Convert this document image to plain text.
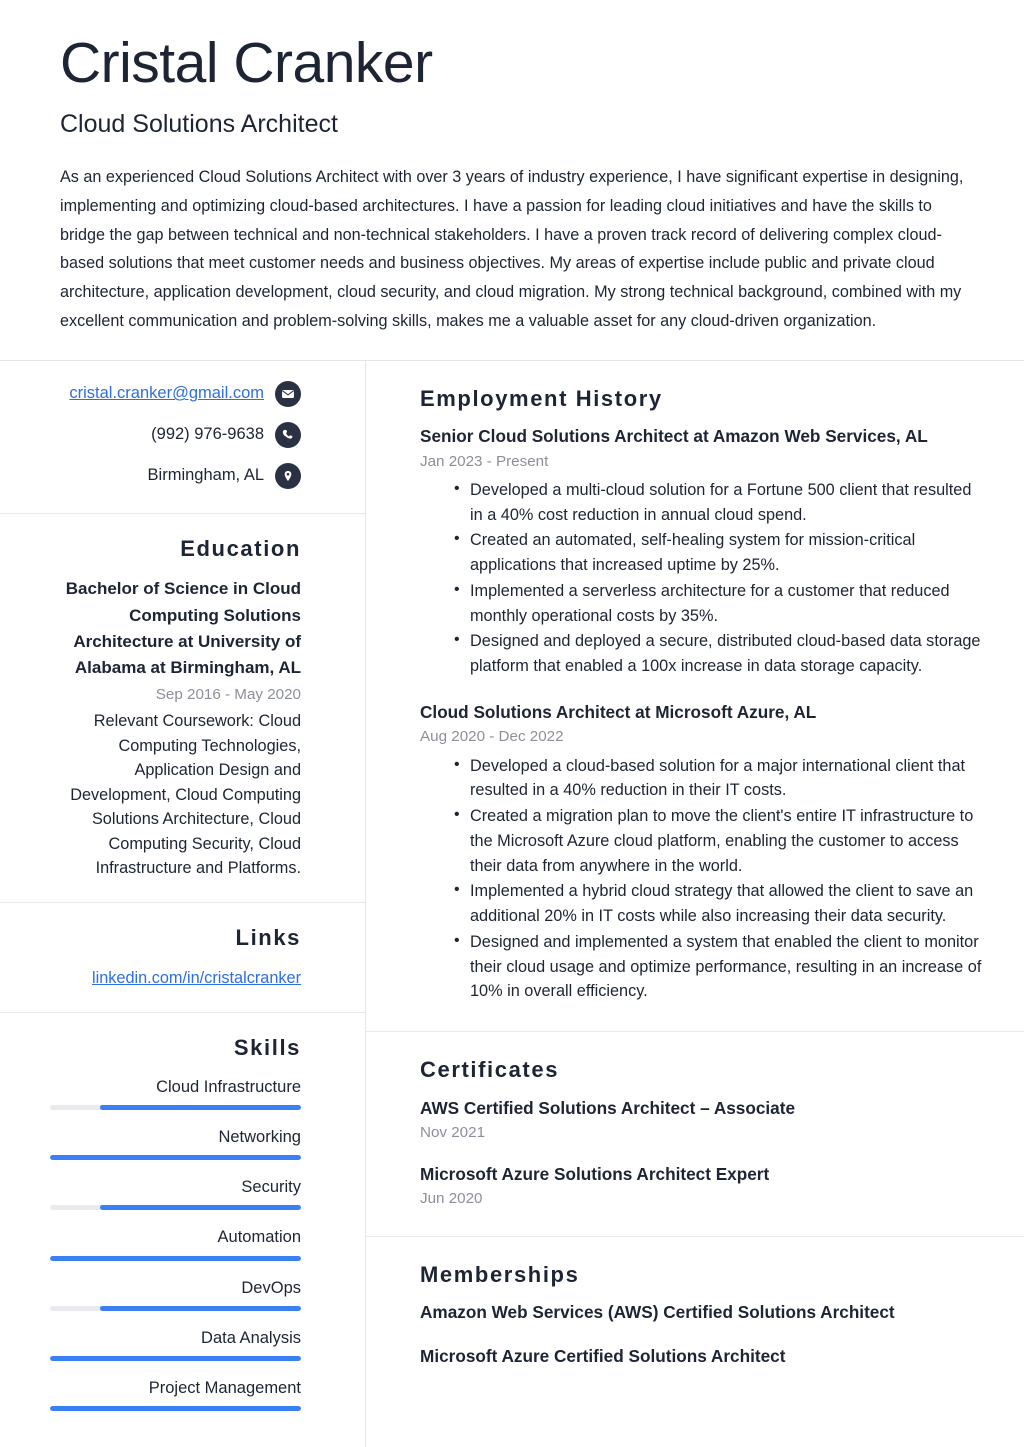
Cristal Cranker
Cloud Solutions Architect

As an experienced Cloud Solutions Architect with over 3 years of industry experience, I have significant expertise in designing, implementing and optimizing cloud-based architectures. I have a passion for leading cloud initiatives and have the skills to bridge the gap between technical and non-technical stakeholders. I have a proven track record of delivering complex cloud-based solutions that meet customer needs and business objectives. My areas of expertise include public and private cloud architecture, application development, cloud security, and cloud migration. My strong technical background, combined with my excellent communication and problem-solving skills, makes me a valuable asset for any cloud-driven organization.

cristal.cranker@gmail.com
(992) 976-9638
Birmingham, AL
Education
Bachelor of Science in Cloud Computing Solutions Architecture at University of Alabama at Birmingham, AL
Sep 2016 - May 2020
Relevant Coursework: Cloud Computing Technologies, Application Design and Development, Cloud Computing Solutions Architecture, Cloud Computing Security, Cloud Infrastructure and Platforms.
Links
linkedin.com/in/cristalcranker
Skills
Cloud Infrastructure
Networking
Security
Automation
DevOps
Data Analysis
Project Management
Employment History
Senior Cloud Solutions Architect at Amazon Web Services, AL
Jan 2023 - Present
• Developed a multi-cloud solution for a Fortune 500 client that resulted in a 40% cost reduction in annual cloud spend.
• Created an automated, self-healing system for mission-critical applications that increased uptime by 25%.
• Implemented a serverless architecture for a customer that reduced monthly operational costs by 35%.
• Designed and deployed a secure, distributed cloud-based data storage platform that enabled a 100x increase in data storage capacity.
Cloud Solutions Architect at Microsoft Azure, AL
Aug 2020 - Dec 2022
• Developed a cloud-based solution for a major international client that resulted in a 40% reduction in their IT costs.
• Created a migration plan to move the client's entire IT infrastructure to the Microsoft Azure cloud platform, enabling the customer to access their data from anywhere in the world.
• Implemented a hybrid cloud strategy that allowed the client to save an additional 20% in IT costs while also increasing their data security.
• Designed and implemented a system that enabled the client to monitor their cloud usage and optimize performance, resulting in an increase of 10% in overall efficiency.
Certificates
AWS Certified Solutions Architect – Associate
Nov 2021
Microsoft Azure Solutions Architect Expert
Jun 2020
Memberships
Amazon Web Services (AWS) Certified Solutions Architect
Microsoft Azure Certified Solutions Architect
